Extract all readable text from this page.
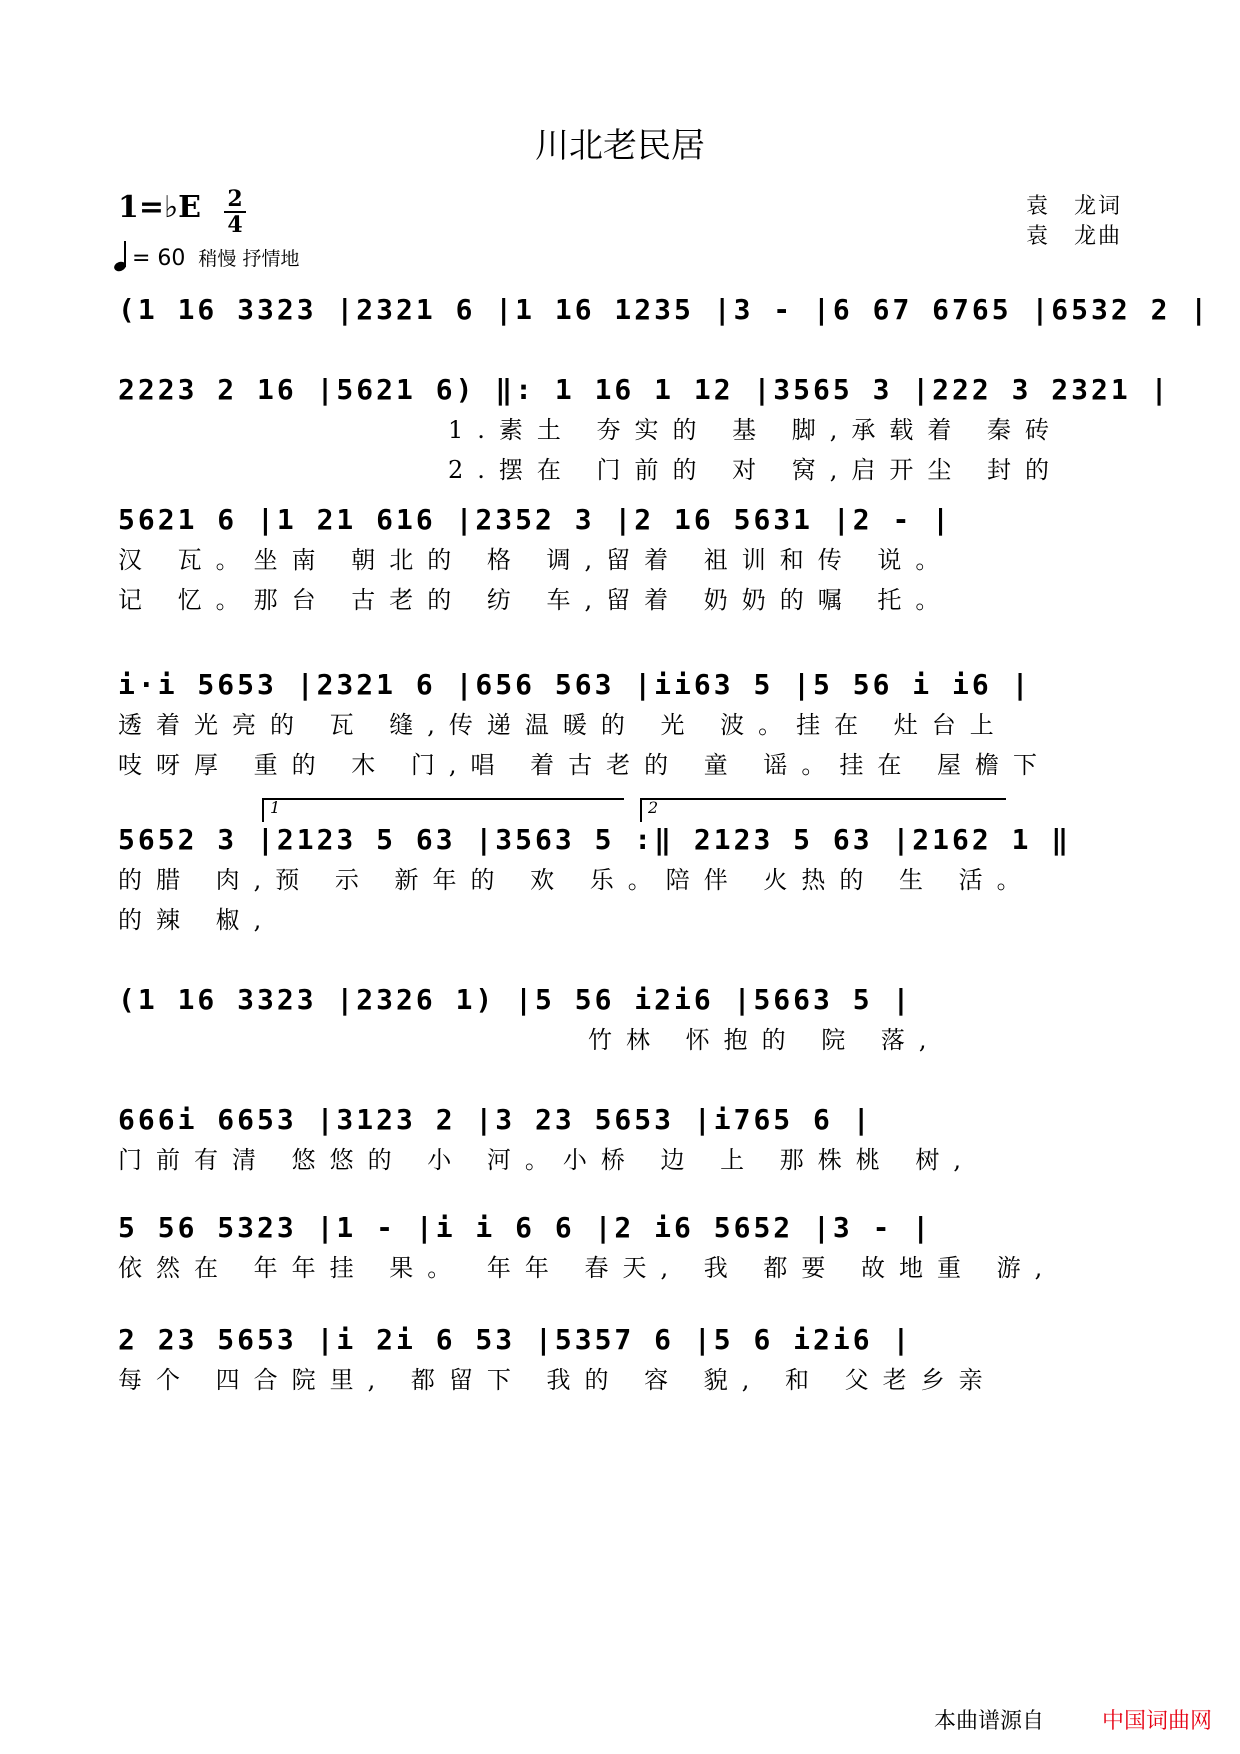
川北老民居
1=♭E 2
4
= 60 稍慢 抒情地
袁　龙词
袁　龙曲
(1 16 3323 |2321 6 |1 16 1235 |3 - |6 67 6765 |6532 2 |
2223 2 16 |5621 6) ‖: 1 16 1 12 |3565 3 |222 3 2321 |
1.素土 夯实的 基 脚,承载着 秦砖
2.摆在 门前的 对 窝,启开尘 封的
5621 6 |1 21 616 |2352 3 |2 16 5631 |2 - |
汉 瓦。坐南 朝北的 格 调,留着 祖训和传 说。
记 忆。那台 古老的 纺 车,留着 奶奶的嘱 托。
i·i 5653 |2321 6 |656 563 |ii63 5 |5 56 i i6 |
透着光亮的 瓦 缝,传递温暖的 光 波。挂在 灶台上
吱呀厚 重的 木 门,唱 着古老的 童 谣。挂在 屋檐下
5652 3 |2123 5 63 |3563 5 :‖ 2123 5 63 |2162 1 ‖
的腊 肉,预 示 新年的 欢 乐。陪伴 火热的 生 活。
的辣 椒,
1	2
(1 16 3323 |2326 1) |5 56 i2i6 |5663 5 |
竹林 怀抱的 院 落,
666i 6653 |3123 2 |3 23 5653 |i765 6 |
门前有清 悠悠的 小 河。小桥 边 上 那株桃 树,
5 56 5323 |1 - |i i 6 6 |2 i6 5652 |3 - |
依然在 年年挂 果。 年年 春天, 我 都要 故地重 游,
2 23 5653 |i 2i 6 53 |5357 6 |5 6 i2i6 |
每个 四合院里, 都留下 我的 容 貌, 和 父老乡亲
本曲谱源自	中国词曲网
